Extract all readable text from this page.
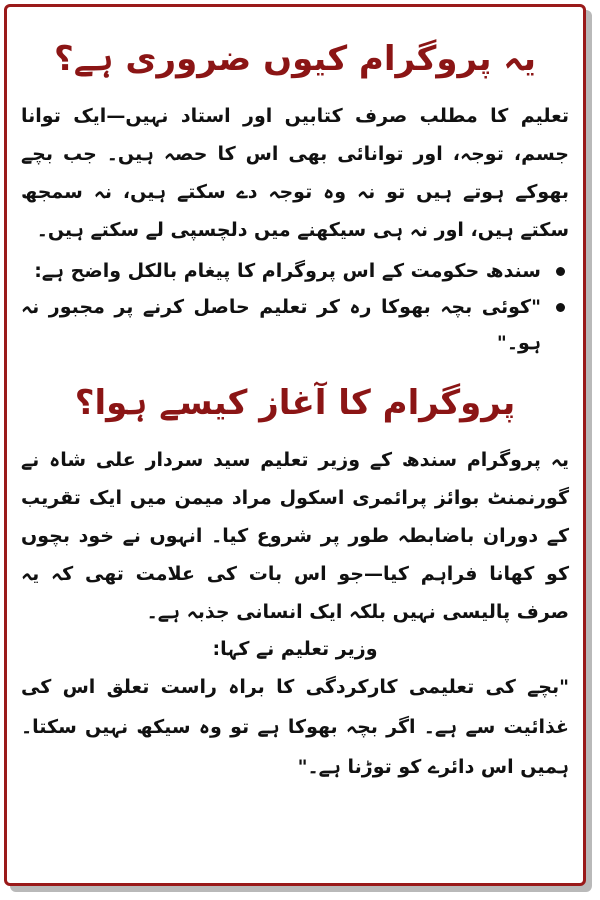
یہ پروگرام کیوں ضروری ہے؟

تعلیم کا مطلب صرف کتابیں اور استاد نہیں—ایک توانا جسم، توجہ، اور توانائی بھی اس کا حصہ ہیں۔ جب بچے بھوکے ہوتے ہیں تو نہ وہ توجہ دے سکتے ہیں، نہ سمجھ سکتے ہیں، اور نہ ہی سیکھنے میں دلچسپی لے سکتے ہیں۔

سندھ حکومت کے اس پروگرام کا پیغام بالکل واضح ہے:
"کوئی بچہ بھوکا رہ کر تعلیم حاصل کرنے پر مجبور نہ ہو۔"
پروگرام کا آغاز کیسے ہوا؟

یہ پروگرام سندھ کے وزیر تعلیم سید سردار علی شاہ نے گورنمنٹ بوائز پرائمری اسکول مراد میمن میں ایک تقریب کے دوران باضابطہ طور پر شروع کیا۔ انہوں نے خود بچوں کو کھانا فراہم کیا—جو اس بات کی علامت تھی کہ یہ صرف پالیسی نہیں بلکہ ایک انسانی جذبہ ہے۔

وزیر تعلیم نے کہا:
"بچے کی تعلیمی کارکردگی کا براہ راست تعلق اس کی غذائیت سے ہے۔ اگر بچہ بھوکا ہے تو وہ سیکھ نہیں سکتا۔ ہمیں اس دائرے کو توڑنا ہے۔"
